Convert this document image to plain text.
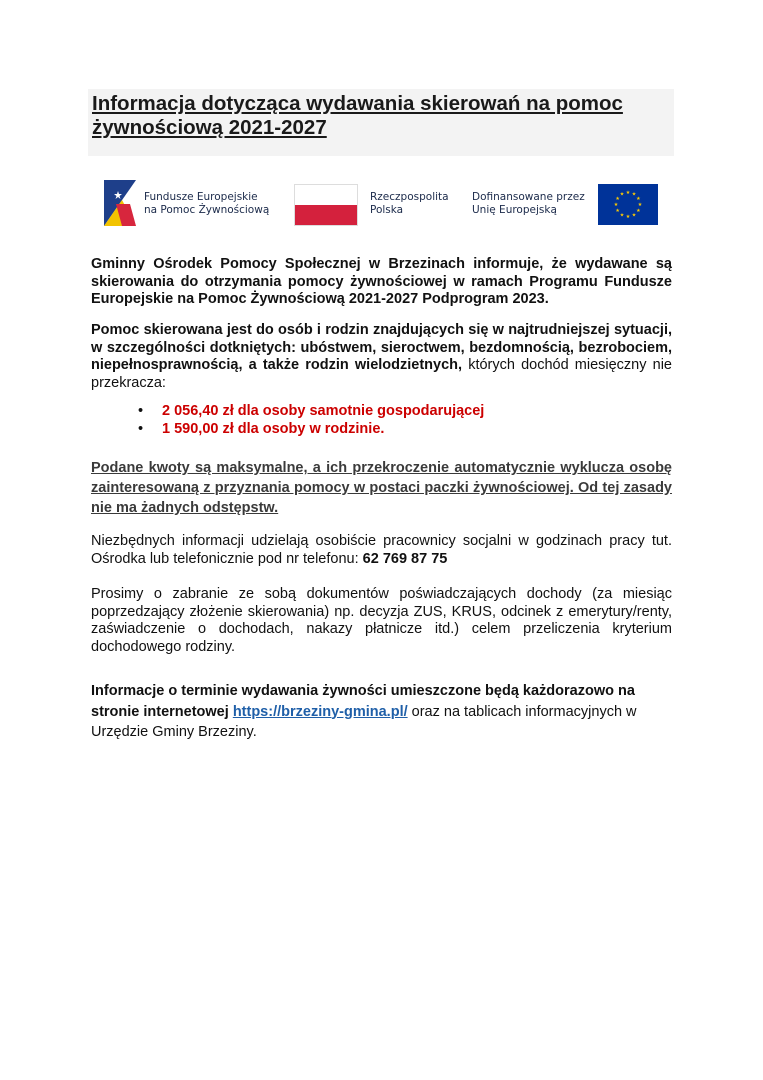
Informacja dotycząca wydawania skierowań na pomoc
żywnościową 2021-2027
Fundusze Europejskie
na Pomoc Żywnościową
Rzeczpospolita
Polska
Dofinansowane przez
Unię Europejską
★ ★
★
★
★
★
★
★
★
★
★
★

Gminny Ośrodek Pomocy Społecznej w Brzezinach informuje, że wydawane są skierowania do otrzymania pomocy żywnościowej w ramach Programu Fundusze Europejskie na Pomoc Żywnościową 2021-2027 Podprogram 2023.

Pomoc skierowana jest do osób i rodzin znajdujących się w najtrudniejszej sytuacji, w szczególności dotkniętych: ubóstwem, sieroctwem, bezdomnością, bezrobociem, niepełnosprawnością, a także rodzin wielodzietnych, których dochód miesięczny nie przekracza:

• 2 056,40 zł dla osoby samotnie gospodarującej
• 1 590,00 zł dla osoby w rodzinie.

Podane kwoty są maksymalne, a ich przekroczenie automatycznie wyklucza osobę zainteresowaną z przyznania pomocy w postaci paczki żywnościowej. Od tej zasady nie ma żadnych odstępstw.

Niezbędnych informacji udzielają osobiście pracownicy socjalni w godzinach pracy tut. Ośrodka lub telefonicznie pod nr telefonu: 62 769 87 75

Prosimy o zabranie ze sobą dokumentów poświadczających dochody (za miesiąc poprzedzający złożenie skierowania) np. decyzja ZUS, KRUS, odcinek z emerytury/renty, zaświadczenie o dochodach, nakazy płatnicze itd.) celem przeliczenia kryterium dochodowego rodziny.

Informacje o terminie wydawania żywności umieszczone będą każdorazowo na stronie internetowej https://brzeziny-gmina.pl/ oraz na tablicach informacyjnych w Urzędzie Gminy Brzeziny.
